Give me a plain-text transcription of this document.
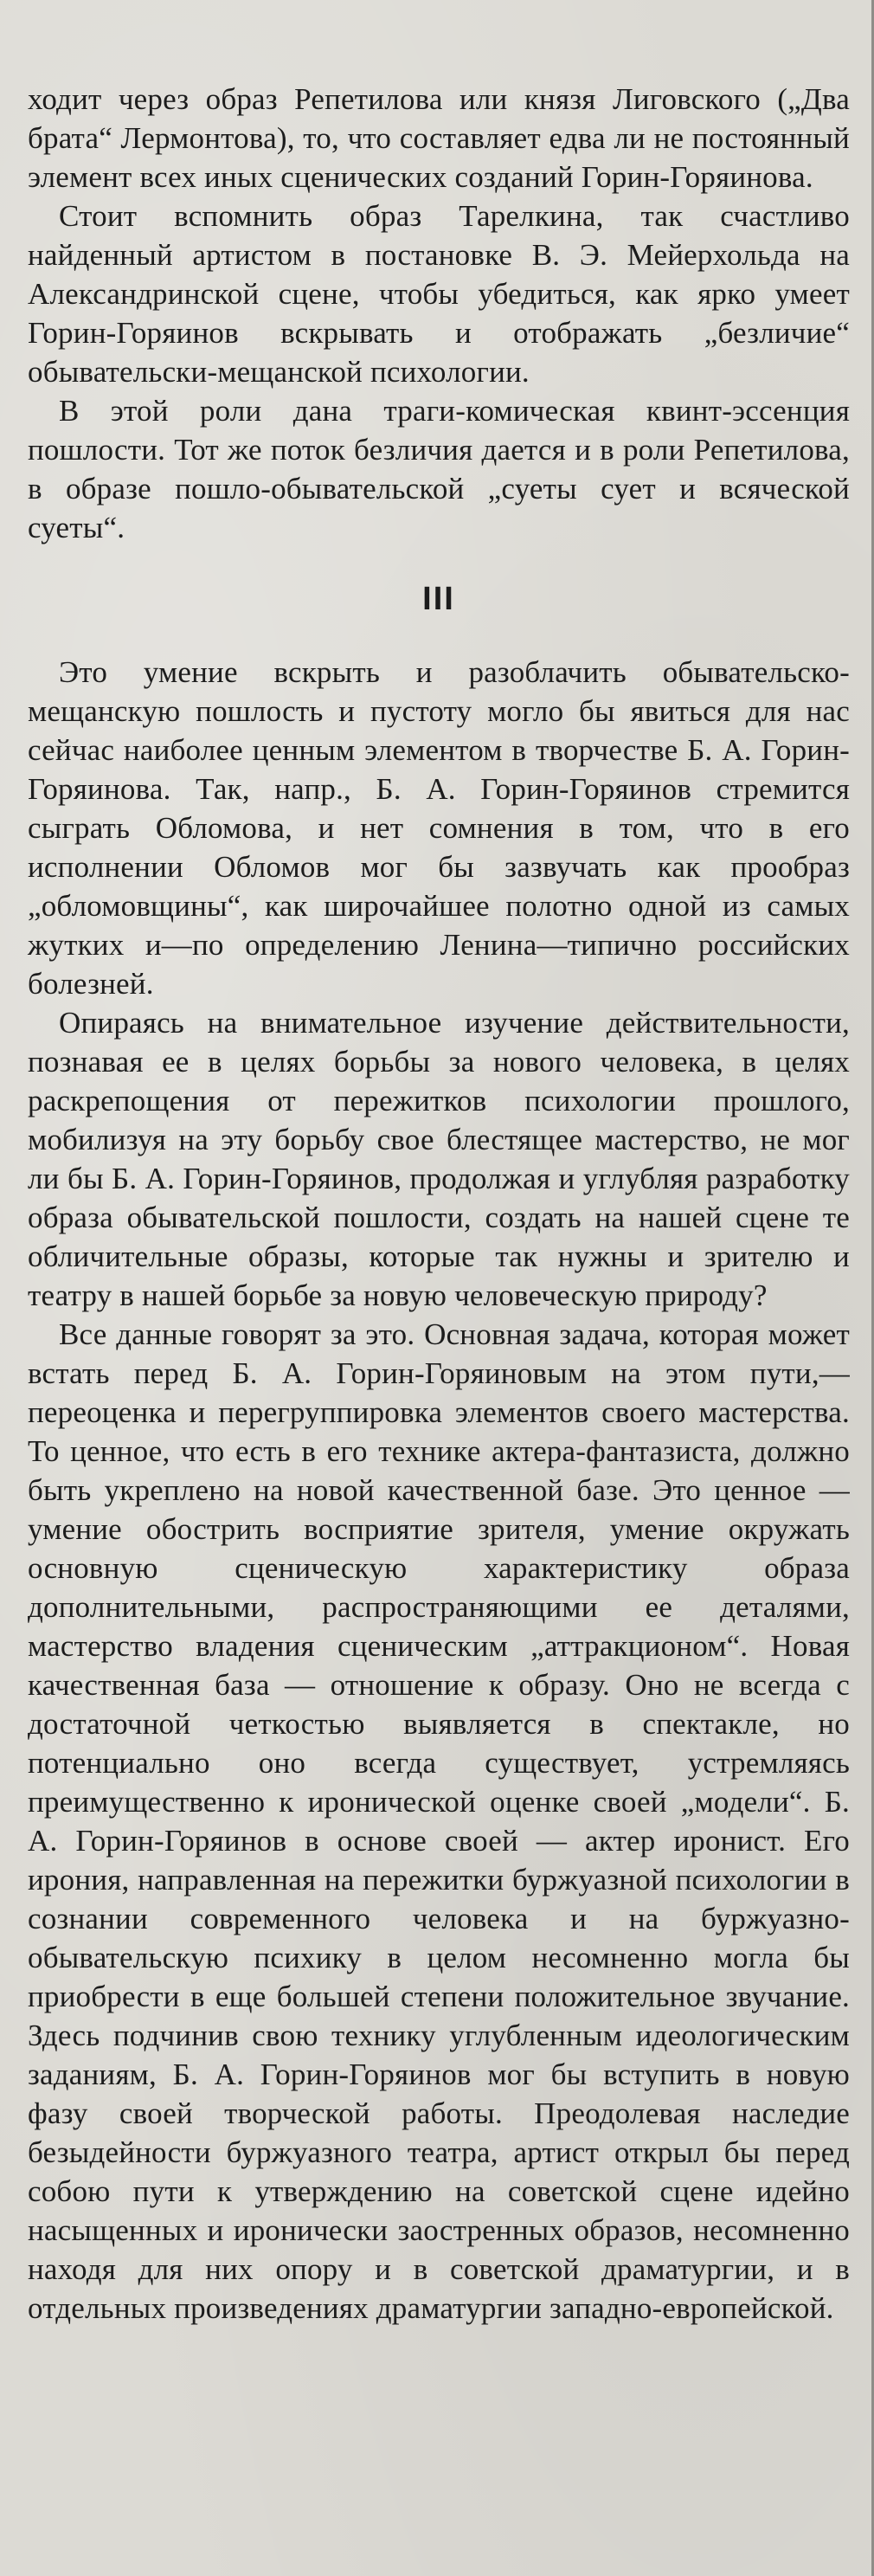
ходит через образ Репетилова или князя Лиговского („Два брата“ Лермонтова), то, что составляет едва ли не постоянный элемент всех иных сценических созданий Горин-Горяинова.

Стоит вспомнить образ Тарелкина, так счастливо найденный артистом в постановке В. Э. Мейерхольда на Александринской сцене, чтобы убедиться, как ярко умеет Горин-Горяинов вскрывать и отображать „безличие“ обывательски-мещанской психологии.

В этой роли дана траги-комическая квинт-эссенция пошлости. Тот же поток безличия дается и в роли Репетилова, в образе пошло-обывательской „суеты сует и всяческой суеты“.

III

Это умение вскрыть и разоблачить обывательско-мещанскую пошлость и пустоту могло бы явиться для нас сейчас наиболее ценным элементом в творчестве Б. А. Горин-Горяинова. Так, напр., Б. А. Горин-Горяинов стремится сыграть Обломова, и нет сомнения в том, что в его исполнении Обломов мог бы зазвучать как прообраз „обломовщины“, как широчайшее полотно одной из самых жутких и—по определению Ленина—типично российских болезней.

Опираясь на внимательное изучение действительности, познавая ее в целях борьбы за нового человека, в целях раскрепощения от пережитков психологии прошлого, мобилизуя на эту борьбу свое блестящее мастерство, не мог ли бы Б. А. Горин-Горяинов, продолжая и углубляя разработку образа обывательской пошлости, создать на нашей сцене те обличительные образы, которые так нужны и зрителю и театру в нашей борьбе за новую человеческую природу?

Все данные говорят за это. Основная задача, которая может встать перед Б. А. Горин-Горяиновым на этом пути,—переоценка и перегруппировка элементов своего мастерства. То ценное, что есть в его технике актера-фантазиста, должно быть укреплено на новой качественной базе. Это ценное — умение обострить восприятие зрителя, умение окружать основную сценическую характеристику образа дополнительными, распространяющими ее деталями, мастерство владения сценическим „аттракционом“. Новая качественная база — отношение к образу. Оно не всегда с достаточной четкостью выявляется в спектакле, но потенциально оно всегда существует, устремляясь преимущественно к иронической оценке своей „модели“. Б. А. Горин-Горяинов в основе своей — актер иронист. Его ирония, направленная на пережитки буржуазной психологии в сознании современного человека и на буржуазно-обывательскую психику в целом несомненно могла бы приобрести в еще большей степени положительное звучание. Здесь подчинив свою технику углубленным идеологическим заданиям, Б. А. Горин-Горяинов мог бы вступить в новую фазу своей творческой работы. Преодолевая наследие безыдейности буржуазного театра, артист открыл бы перед собою пути к утверждению на советской сцене идейно насыщенных и иронически заостренных образов, несомненно находя для них опору и в советской драматургии, и в отдельных произведениях драматургии западно-европейской.
